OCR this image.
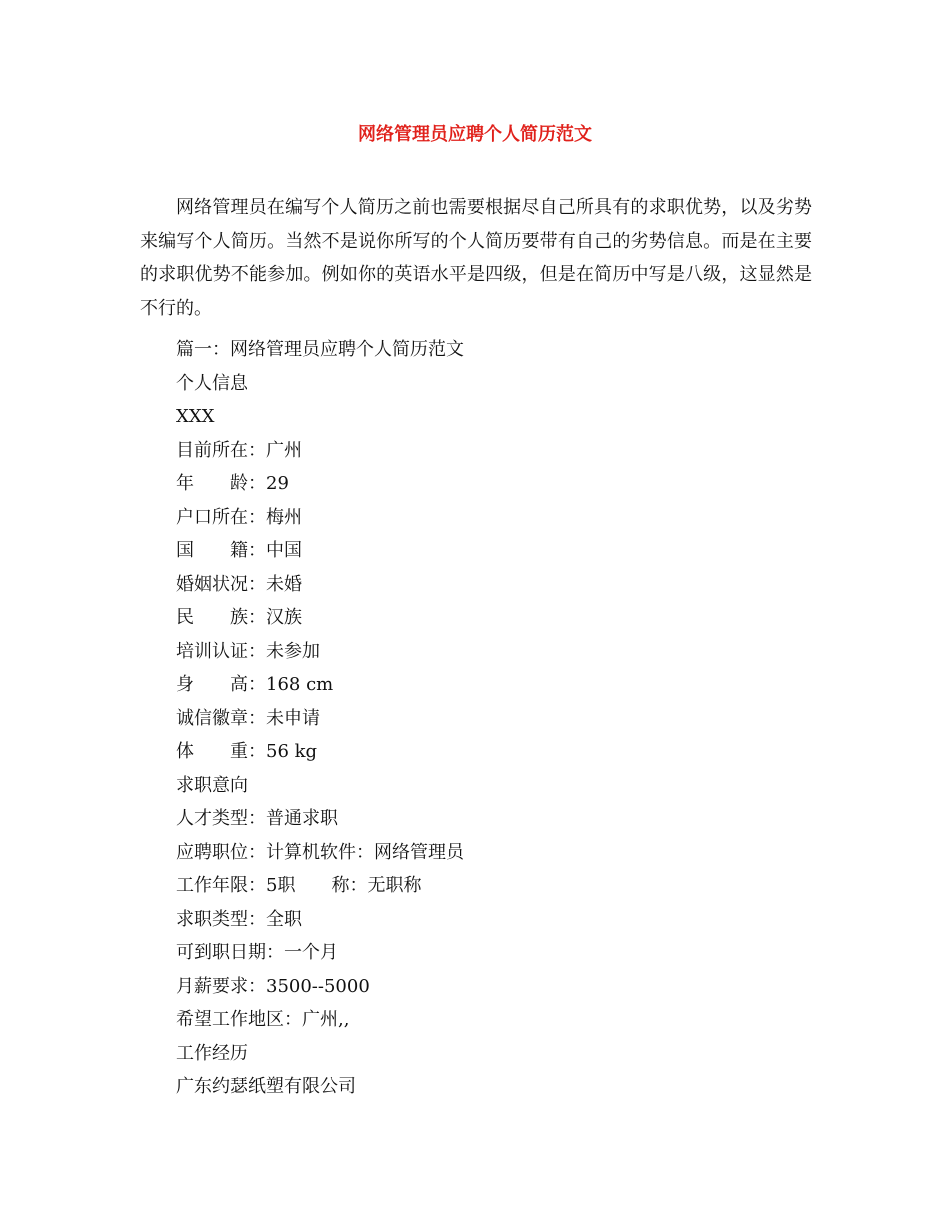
网络管理员应聘个人简历范文

网络管理员在编写个人简历之前也需要根据尽自己所具有的求职优势，以及劣势来编写个人简历。当然不是说你所写的个人简历要带有自己的劣势信息。而是在主要的求职优势不能参加。例如你的英语水平是四级，但是在简历中写是八级，这显然是不行的。

篇一：网络管理员应聘个人简历范文
个人信息
XXX
目前所在：广州
年　　龄：29
户口所在：梅州
国　　籍：中国
婚姻状况：未婚
民　　族：汉族
培训认证：未参加
身　　高：168 cm
诚信徽章：未申请
体　　重：56 kg
求职意向
人才类型：普通求职
应聘职位：计算机软件：网络管理员
工作年限：5职　　称：无职称
求职类型：全职
可到职日期：一个月
月薪要求：3500--5000
希望工作地区：广州,,
工作经历
广东约瑟纸塑有限公司
